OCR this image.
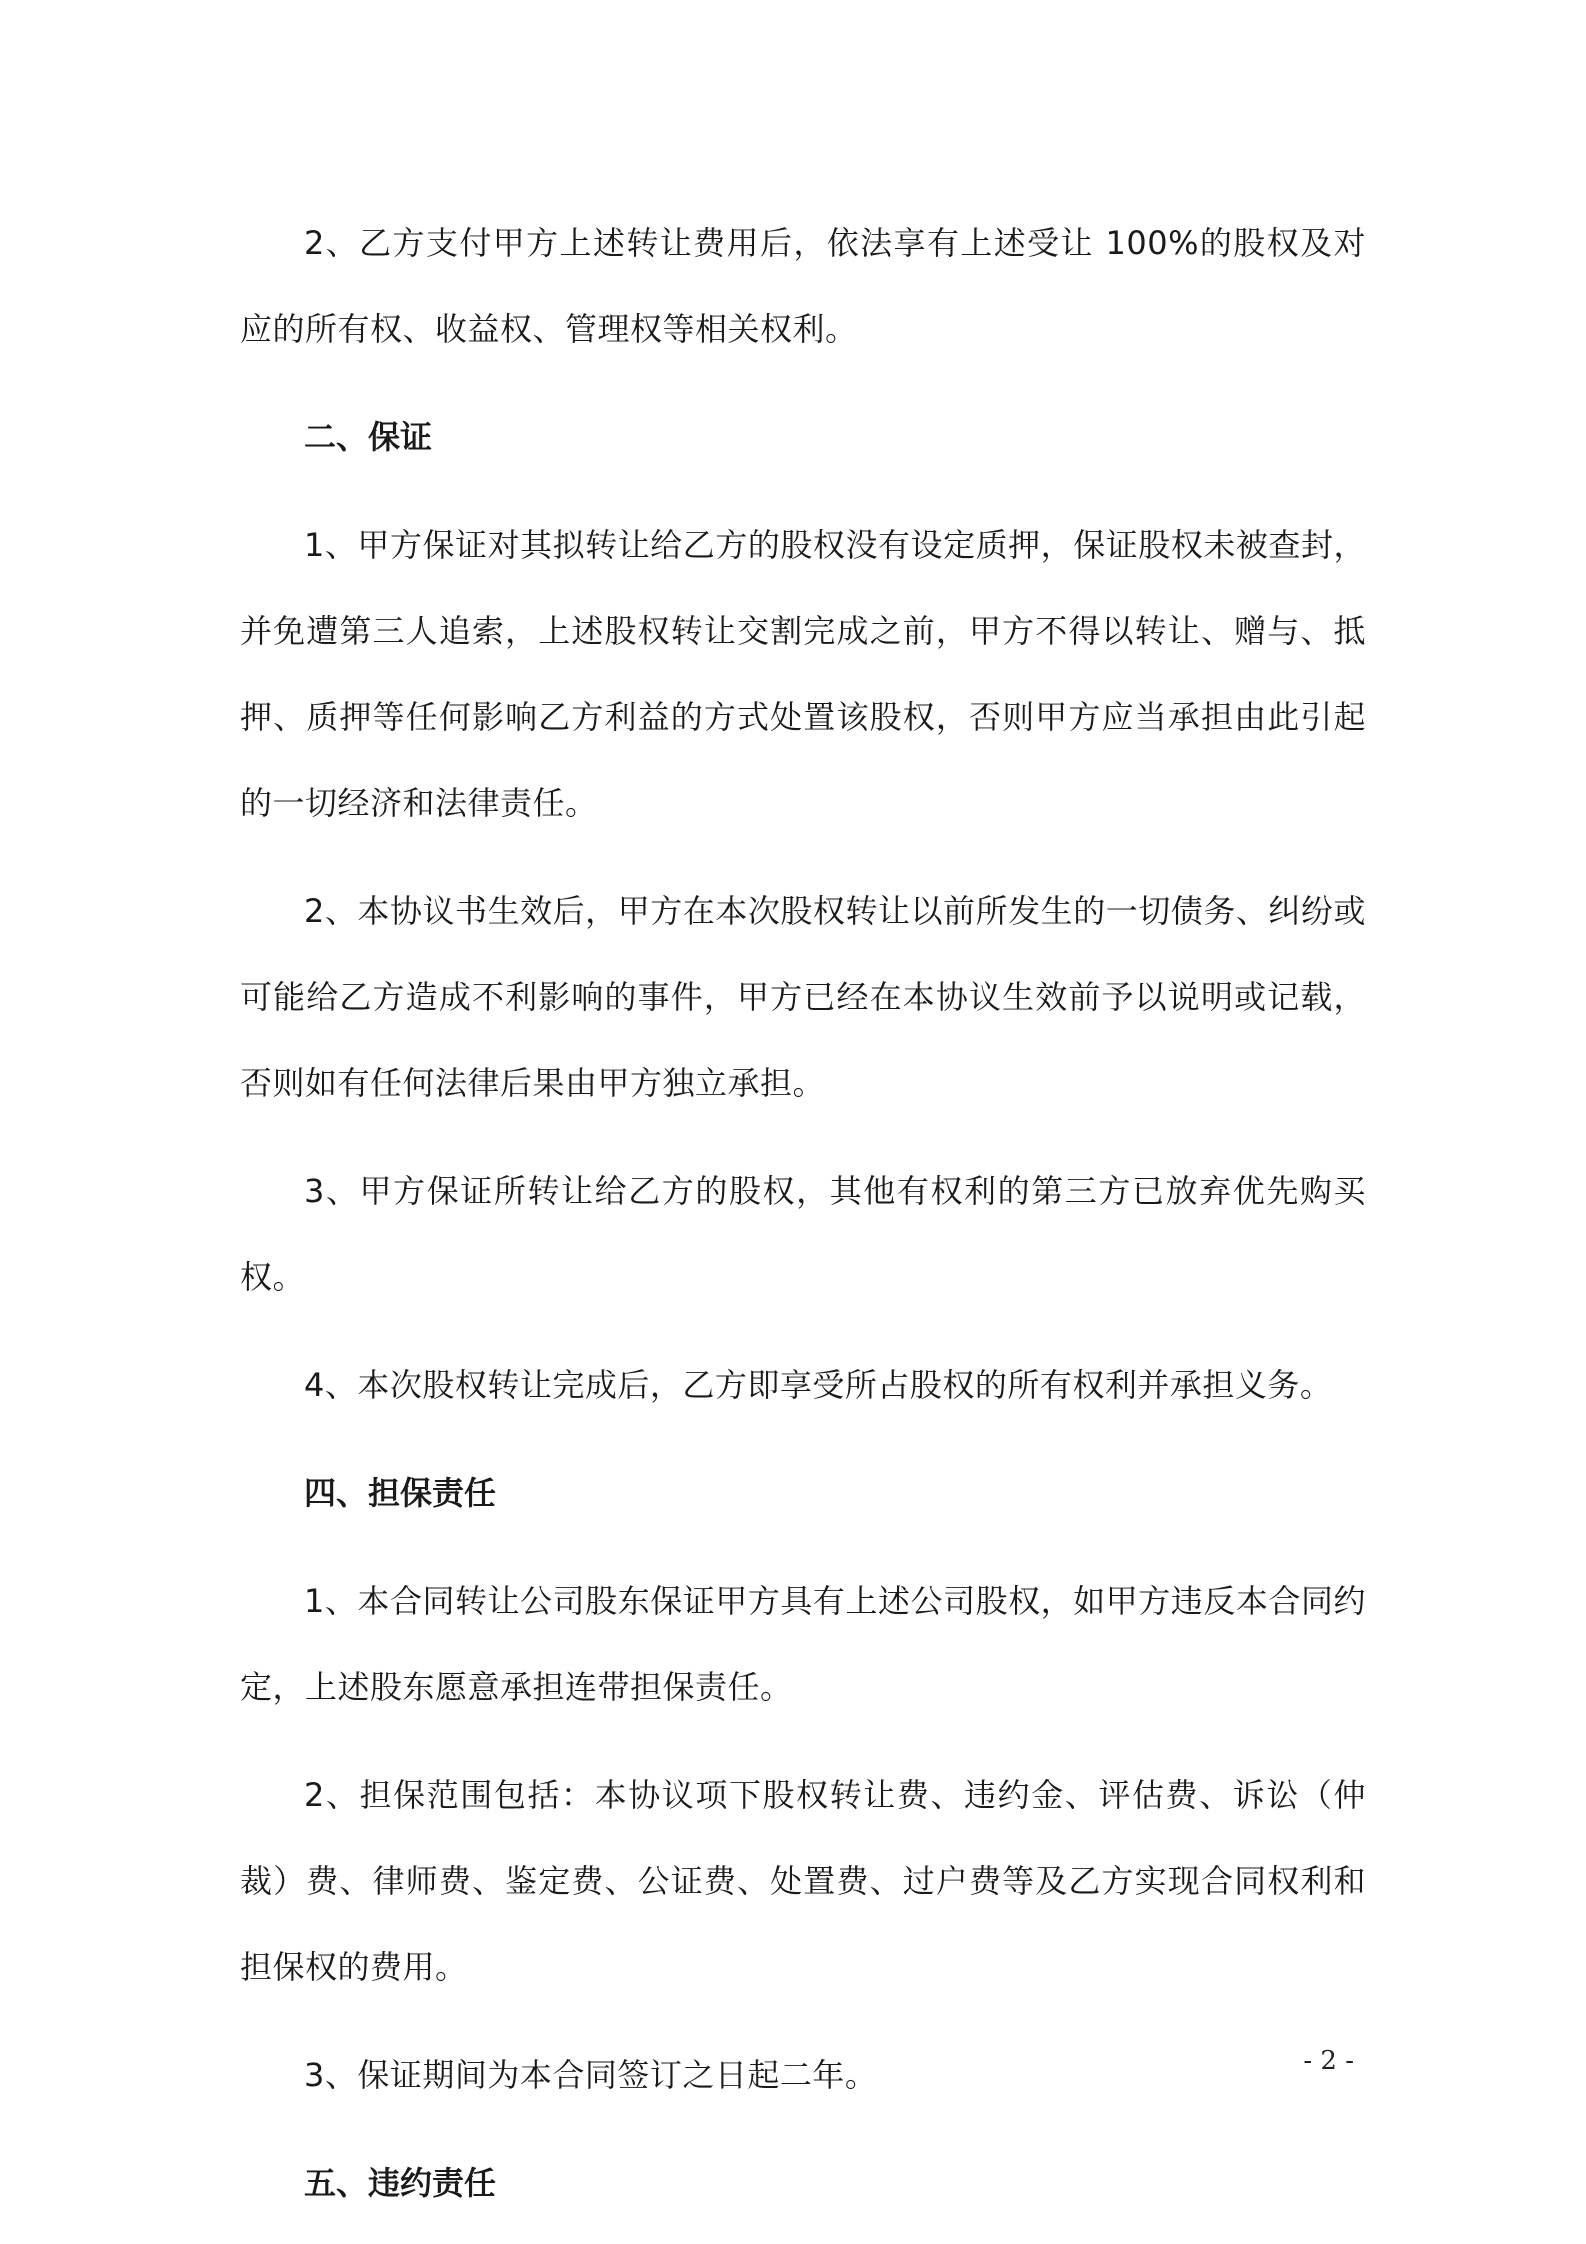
2、乙方支付甲方上述转让费用后，依法享有上述受让 100%的股权及对应的所有权、收益权、管理权等相关权利。

二、保证

1、甲方保证对其拟转让给乙方的股权没有设定质押，保证股权未被查封，并免遭第三人追索，上述股权转让交割完成之前，甲方不得以转让、赠与、抵押、质押等任何影响乙方利益的方式处置该股权，否则甲方应当承担由此引起的一切经济和法律责任。

2、本协议书生效后，甲方在本次股权转让以前所发生的一切债务、纠纷或可能给乙方造成不利影响的事件，甲方已经在本协议生效前予以说明或记载，否则如有任何法律后果由甲方独立承担。

3、甲方保证所转让给乙方的股权，其他有权利的第三方已放弃优先购买权。

4、本次股权转让完成后，乙方即享受所占股权的所有权利并承担义务。

四、担保责任

1、本合同转让公司股东保证甲方具有上述公司股权，如甲方违反本合同约定，上述股东愿意承担连带担保责任。

2、担保范围包括：本协议项下股权转让费、违约金、评估费、诉讼（仲裁）费、律师费、鉴定费、公证费、处置费、过户费等及乙方实现合同权利和担保权的费用。

3、保证期间为本合同签订之日起二年。

五、违约责任

- 2 -
